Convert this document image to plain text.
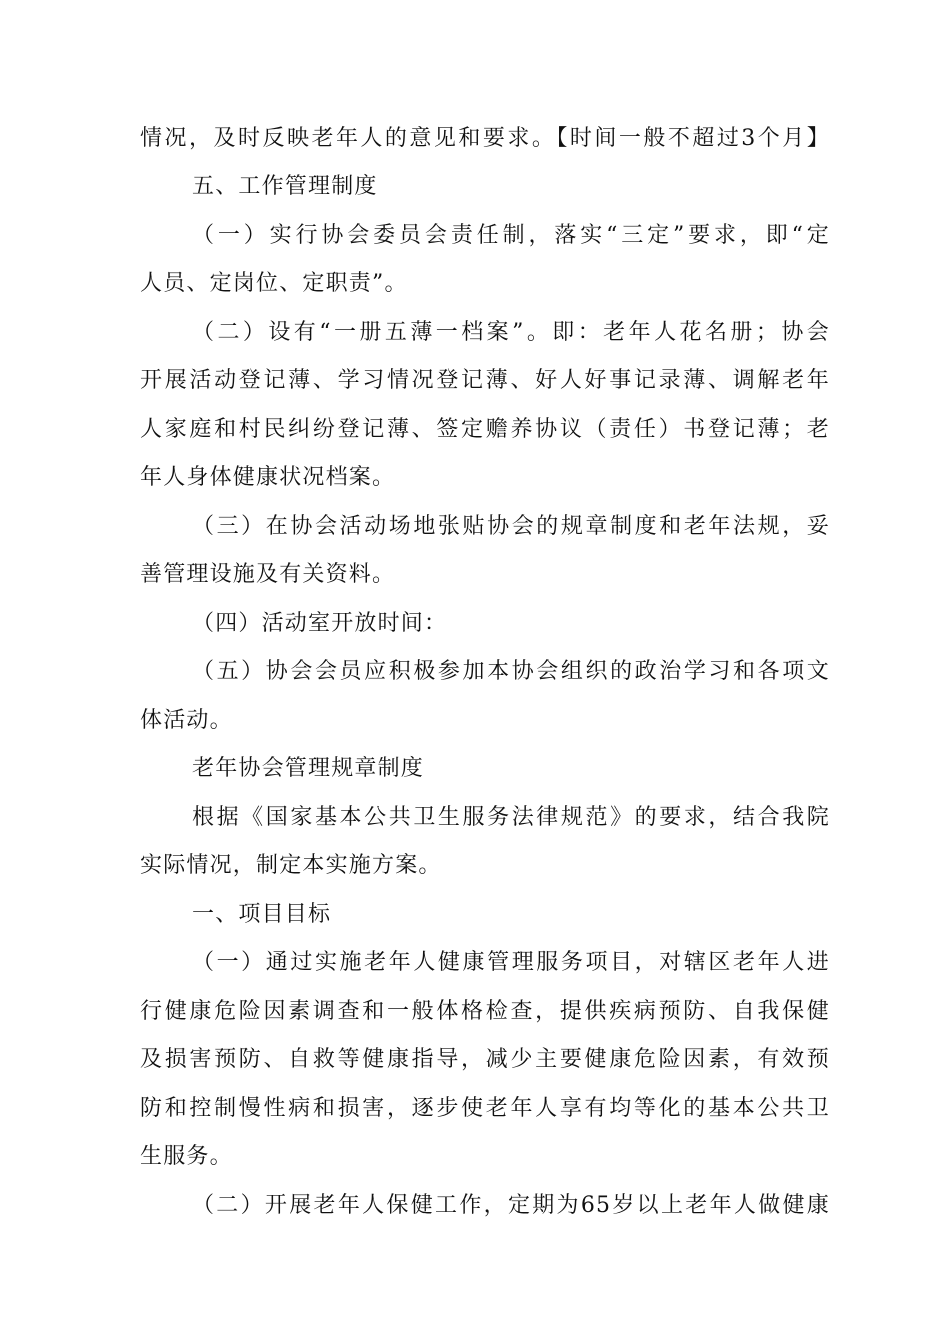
情况，及时反映老年人的意见和要求。【时间一般不超过3个月】
五、工作管理制度
（一）实行协会委员会责任制，落实“三定”要求，即“定
人员、定岗位、定职责”。
（二）设有“一册五薄一档案”。即：老年人花名册；协会
开展活动登记薄、学习情况登记薄、好人好事记录薄、调解老年
人家庭和村民纠纷登记薄、签定赡养协议（责任）书登记薄；老
年人身体健康状况档案。
（三）在协会活动场地张贴协会的规章制度和老年法规，妥
善管理设施及有关资料。
（四）活动室开放时间：
（五）协会会员应积极参加本协会组织的政治学习和各项文
体活动。
老年协会管理规章制度
根据《国家基本公共卫生服务法律规范》的要求，结合我院
实际情况，制定本实施方案。
一、项目目标
（一）通过实施老年人健康管理服务项目，对辖区老年人进
行健康危险因素调查和一般体格检查，提供疾病预防、自我保健
及损害预防、自救等健康指导，减少主要健康危险因素，有效预
防和控制慢性病和损害，逐步使老年人享有均等化的基本公共卫
生服务。
（二）开展老年人保健工作，定期为65岁以上老年人做健康
